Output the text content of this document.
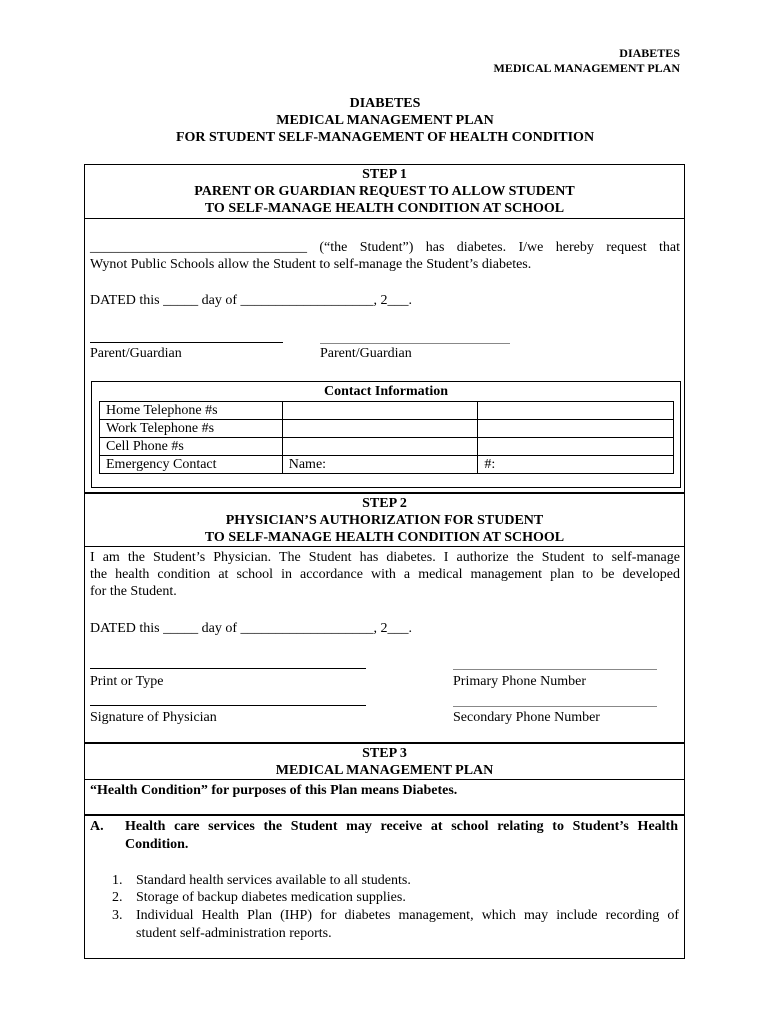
DIABETES
MEDICAL MANAGEMENT PLAN
DIABETES
MEDICAL MANAGEMENT PLAN
FOR STUDENT SELF-MANAGEMENT OF HEALTH CONDITION
STEP 1
PARENT OR GUARDIAN REQUEST TO ALLOW STUDENT
TO SELF-MANAGE HEALTH CONDITION AT SCHOOL
_______________________________ (“the Student”) has diabetes. I/we hereby request that
Wynot Public Schools allow the Student to self-manage the Student’s diabetes.
DATED this _____ day of ___________________, 2___.
Parent/Guardian	Parent/Guardian
Contact Information
Home Telephone #s		
Work Telephone #s		
Cell Phone #s		
Emergency Contact	Name:	#:
STEP 2
PHYSICIAN’S AUTHORIZATION FOR STUDENT
TO SELF-MANAGE HEALTH CONDITION AT SCHOOL
I am the Student’s Physician. The Student has diabetes. I authorize the Student to self-manage
the health condition at school in accordance with a medical management plan to be developed
for the Student.
DATED this _____ day of ___________________, 2___.
Print or Type	Primary Phone Number
Signature of Physician	Secondary Phone Number
STEP 3
MEDICAL MANAGEMENT PLAN
“Health Condition” for purposes of this Plan means Diabetes.
A. Health care services the Student may receive at school relating to Student’s Health
Condition.
1. Standard health services available to all students.
2. Storage of backup diabetes medication supplies.
3. Individual Health Plan (IHP) for diabetes management, which may include recording of
student self-administration reports.
